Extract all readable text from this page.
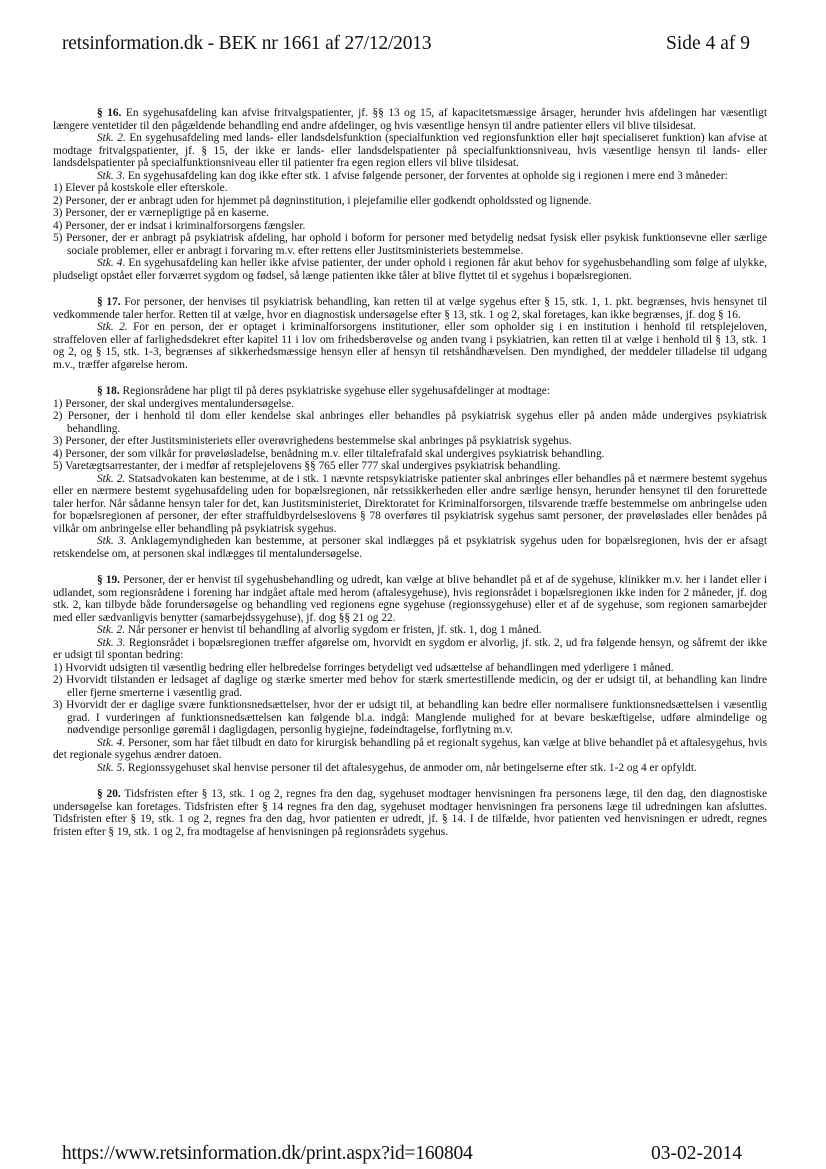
retsinformation.dk - BEK nr 1661 af 27/12/2013	Side 4 af 9

§ 16. En sygehusafdeling kan afvise fritvalgspatienter, jf. §§ 13 og 15, af kapacitetsmæssige årsager, herunder hvis afdelingen har væsentligt længere ventetider til den pågældende behandling end andre afdelinger, og hvis væsentlige hensyn til andre patienter ellers vil blive tilsidesat.

Stk. 2. En sygehusafdeling med lands- eller landsdelsfunktion (specialfunktion ved regionsfunktion eller højt specialiseret funktion) kan afvise at modtage fritvalgspatienter, jf. § 15, der ikke er lands- eller landsdelspatienter på specialfunktionsniveau, hvis væsentlige hensyn til lands- eller landsdelspatienter på specialfunktionsniveau eller til patienter fra egen region ellers vil blive tilsidesat.

Stk. 3. En sygehusafdeling kan dog ikke efter stk. 1 afvise følgende personer, der forventes at opholde sig i regionen i mere end 3 måneder:

1) Elever på kostskole eller efterskole.

2) Personer, der er anbragt uden for hjemmet på døgninstitution, i plejefamilie eller godkendt opholdssted og lignende.

3) Personer, der er værnepligtige på en kaserne.

4) Personer, der er indsat i kriminalforsorgens fængsler.

5) Personer, der er anbragt på psykiatrisk afdeling, har ophold i boform for personer med betydelig nedsat fysisk eller psykisk funktionsevne eller særlige sociale problemer, eller er anbragt i forvaring m.v. efter rettens eller Justitsministeriets bestemmelse.

Stk. 4. En sygehusafdeling kan heller ikke afvise patienter, der under ophold i regionen får akut behov for sygehusbehandling som følge af ulykke, pludseligt opstået eller forværret sygdom og fødsel, så længe patienten ikke tåler at blive flyttet til et sygehus i bopælsregionen.

§ 17. For personer, der henvises til psykiatrisk behandling, kan retten til at vælge sygehus efter § 15, stk. 1, 1. pkt. begrænses, hvis hensynet til vedkommende taler herfor. Retten til at vælge, hvor en diagnostisk undersøgelse efter § 13, stk. 1 og 2, skal foretages, kan ikke begrænses, jf. dog § 16.

Stk. 2. For en person, der er optaget i kriminalforsorgens institutioner, eller som opholder sig i en institution i henhold til retsplejeloven, straffeloven eller af farlighedsdekret efter kapitel 11 i lov om frihedsberøvelse og anden tvang i psykiatrien, kan retten til at vælge i henhold til § 13, stk. 1 og 2, og § 15, stk. 1-3, begrænses af sikkerhedsmæssige hensyn eller af hensyn til retshåndhævelsen. Den myndighed, der meddeler tilladelse til udgang m.v., træffer afgørelse herom.

§ 18. Regionsrådene har pligt til på deres psykiatriske sygehuse eller sygehusafdelinger at modtage:

1) Personer, der skal undergives mentalundersøgelse.

2) Personer, der i henhold til dom eller kendelse skal anbringes eller behandles på psykiatrisk sygehus eller på anden måde undergives psykiatrisk behandling.

3) Personer, der efter Justitsministeriets eller overøvrighedens bestemmelse skal anbringes på psykiatrisk sygehus.

4) Personer, der som vilkår for prøveløsladelse, benådning m.v. eller tiltalefrafald skal undergives psykiatrisk behandling.

5) Varetægtsarrestanter, der i medfør af retsplejelovens §§ 765 eller 777 skal undergives psykiatrisk behandling.

Stk. 2. Statsadvokaten kan bestemme, at de i stk. 1 nævnte retspsykiatriske patienter skal anbringes eller behandles på et nærmere bestemt sygehus eller en nærmere bestemt sygehusafdeling uden for bopælsregionen, når retssikkerheden eller andre særlige hensyn, herunder hensynet til den forurettede taler herfor. Når sådanne hensyn taler for det, kan Justitsministeriet, Direktoratet for Kriminalforsorgen, tilsvarende træffe bestemmelse om anbringelse uden for bopælsregionen af personer, der efter straffuldbyrdelseslovens § 78 overføres til psykiatrisk sygehus samt personer, der prøveløslades eller benådes på vilkår om anbringelse eller behandling på psykiatrisk sygehus.

Stk. 3. Anklagemyndigheden kan bestemme, at personer skal indlægges på et psykiatrisk sygehus uden for bopælsregionen, hvis der er afsagt retskendelse om, at personen skal indlægges til mentalundersøgelse.

§ 19. Personer, der er henvist til sygehusbehandling og udredt, kan vælge at blive behandlet på et af de sygehuse, klinikker m.v. her i landet eller i udlandet, som regionsrådene i forening har indgået aftale med herom (aftalesygehuse), hvis regionsrådet i bopælsregionen ikke inden for 2 måneder, jf. dog stk. 2, kan tilbyde både forundersøgelse og behandling ved regionens egne sygehuse (regionssygehuse) eller et af de sygehuse, som regionen samarbejder med eller sædvanligvis benytter (samarbejdssygehuse), jf. dog §§ 21 og 22.

Stk. 2. Når personer er henvist til behandling af alvorlig sygdom er fristen, jf. stk. 1, dog 1 måned.

Stk. 3. Regionsrådet i bopælsregionen træffer afgørelse om, hvorvidt en sygdom er alvorlig, jf. stk. 2, ud fra følgende hensyn, og såfremt der ikke er udsigt til spontan bedring:

1) Hvorvidt udsigten til væsentlig bedring eller helbredelse forringes betydeligt ved udsættelse af behandlingen med yderligere 1 måned.

2) Hvorvidt tilstanden er ledsaget af daglige og stærke smerter med behov for stærk smertestillende medicin, og der er udsigt til, at behandling kan lindre eller fjerne smerterne i væsentlig grad.

3) Hvorvidt der er daglige svære funktionsnedsættelser, hvor der er udsigt til, at behandling kan bedre eller normalisere funktionsnedsættelsen i væsentlig grad. I vurderingen af funktionsnedsættelsen kan følgende bl.a. indgå: Manglende mulighed for at bevare beskæftigelse, udføre almindelige og nødvendige personlige gøremål i dagligdagen, personlig hygiejne, fødeindtagelse, forflytning m.v.

Stk. 4. Personer, som har fået tilbudt en dato for kirurgisk behandling på et regionalt sygehus, kan vælge at blive behandlet på et aftalesygehus, hvis det regionale sygehus ændrer datoen.

Stk. 5. Regionssygehuset skal henvise personer til det aftalesygehus, de anmoder om, når betingelserne efter stk. 1-2 og 4 er opfyldt.

§ 20. Tidsfristen efter § 13, stk. 1 og 2, regnes fra den dag, sygehuset modtager henvisningen fra personens læge, til den dag, den diagnostiske undersøgelse kan foretages. Tidsfristen efter § 14 regnes fra den dag, sygehuset modtager henvisningen fra personens læge til udredningen kan afsluttes. Tidsfristen efter § 19, stk. 1 og 2, regnes fra den dag, hvor patienten er udredt, jf. § 14. I de tilfælde, hvor patienten ved henvisningen er udredt, regnes fristen efter § 19, stk. 1 og 2, fra modtagelse af henvisningen på regionsrådets sygehus.

https://www.retsinformation.dk/print.aspx?id=160804	03-02-2014
